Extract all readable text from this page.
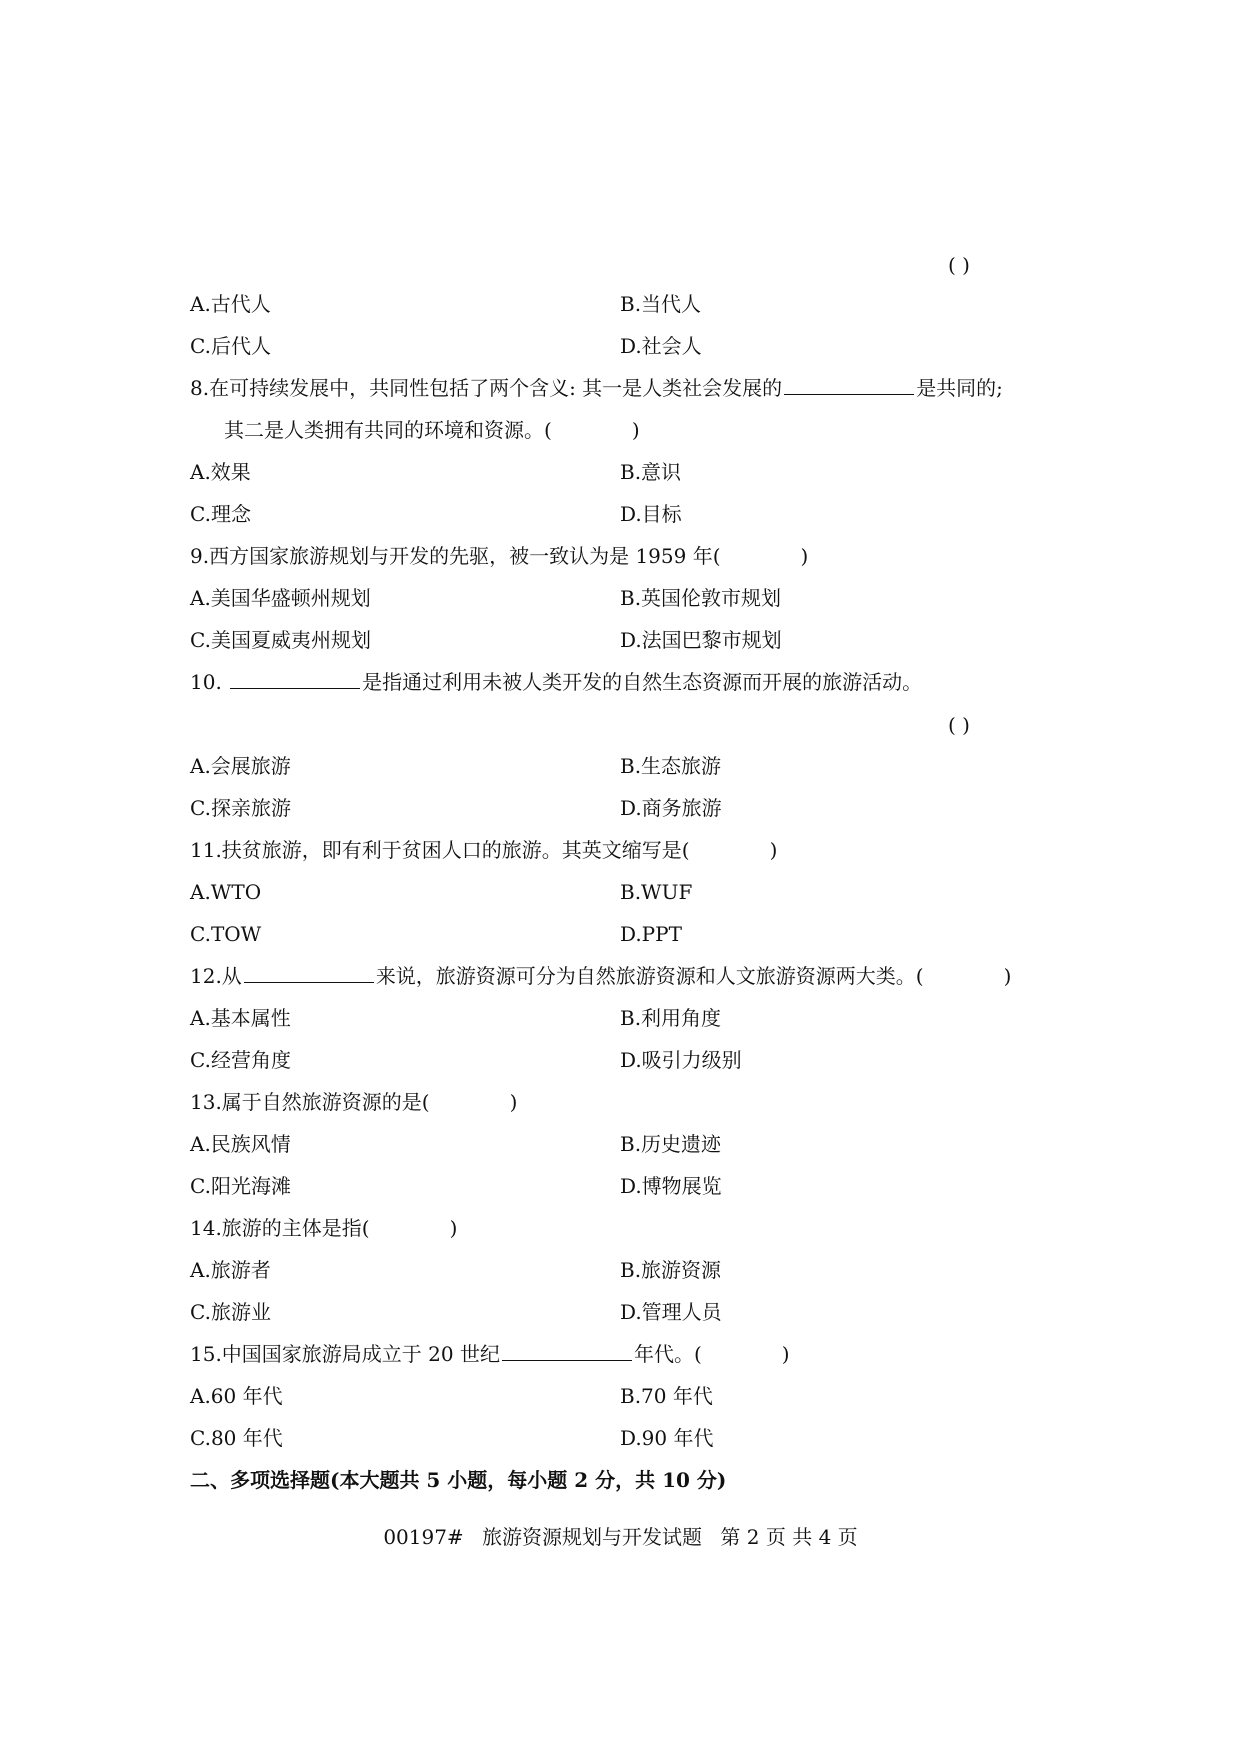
( )
A.古代人	B.当代人
C.后代人	D.社会人
8.在可持续发展中，共同性包括了两个含义: 其一是人类社会发展的	是共同的;
其二是人类拥有共同的环境和资源。(	)
A.效果	B.意识
C.理念	D.目标
9.西方国家旅游规划与开发的先驱，被一致认为是 1959 年(	)
A.美国华盛顿州规划	B.英国伦敦市规划
C.美国夏威夷州规划	D.法国巴黎市规划
10.	是指通过利用未被人类开发的自然生态资源而开展的旅游活动。
( )
A.会展旅游	B.生态旅游
C.探亲旅游	D.商务旅游
11.扶贫旅游，即有利于贫困人口的旅游。其英文缩写是(	)
A.WTO	B.WUF
C.TOW	D.PPT
12.从	来说，旅游资源可分为自然旅游资源和人文旅游资源两大类。(	)
A.基本属性	B.利用角度
C.经营角度	D.吸引力级别
13.属于自然旅游资源的是(	)
A.民族风情	B.历史遗迹
C.阳光海滩	D.博物展览
14.旅游的主体是指(	)
A.旅游者	B.旅游资源
C.旅游业	D.管理人员
15.中国国家旅游局成立于 20 世纪	年代。(	)
A.60 年代	B.70 年代
C.80 年代	D.90 年代
二、多项选择题(本大题共 5 小题，每小题 2 分，共 10 分)
00197# 旅游资源规划与开发试题 第 2 页 共 4 页
